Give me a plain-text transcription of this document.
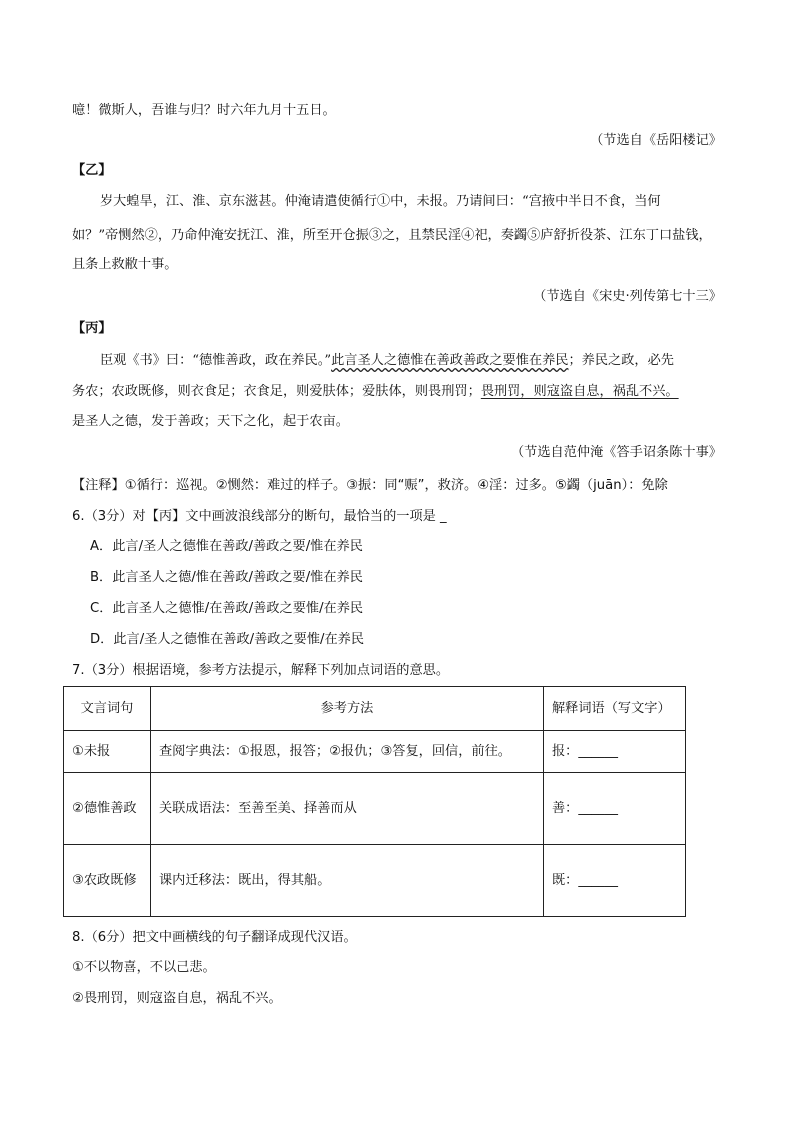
噫！微斯人，吾谁与归？时六年九月十五日。
（节选自《岳阳楼记》
【乙】
岁大蝗旱，江、淮、京东滋甚。仲淹请遣使循行①中，未报。乃请间曰：“宫掖中半日不食，当何
如？”帝恻然②，乃命仲淹安抚江、淮，所至开仓振③之，且禁民淫④祀，奏蠲⑤庐舒折役茶、江东丁口盐钱，
且条上救敝十事。
（节选自《宋史·列传第七十三》
【丙】
臣观《书》曰：“德惟善政，政在养民。”此言圣人之德惟在善政善政之要惟在养民；养民之政，必先
务农；农政既修，则衣食足；衣食足，则爱肤体；爱肤体，则畏刑罚；畏刑罚，则寇盗自息，祸乱不兴。
是圣人之德，发于善政；天下之化，起于农亩。
（节选自范仲淹《答手诏条陈十事》
【注释】①循行：巡视。②恻然：难过的样子。③振：同“赈”，救济。④淫：过多。⑤蠲（juān）：免除
6.（3分）对【丙】文中画波浪线部分的断句，最恰当的一项是 _
A．此言/圣人之德惟在善政/善政之要/惟在养民
B．此言圣人之德/惟在善政/善政之要/惟在养民
C．此言圣人之德惟/在善政/善政之要惟/在养民
D．此言/圣人之德惟在善政/善政之要惟/在养民
7.（3分）根据语境，参考方法提示，解释下列加点词语的意思。
文言词句	参考方法	解释词语（写文字）
①未报	查阅字典法：①报恩，报答；②报仇；③答复，回信，前往。	报：______
②德惟善政	关联成语法：至善至美、择善而从	善：______
③农政既修	课内迁移法：既出，得其船。	既：______
8.（6分）把文中画横线的句子翻译成现代汉语。
①不以物喜，不以己悲。
②畏刑罚，则寇盗自息，祸乱不兴。
